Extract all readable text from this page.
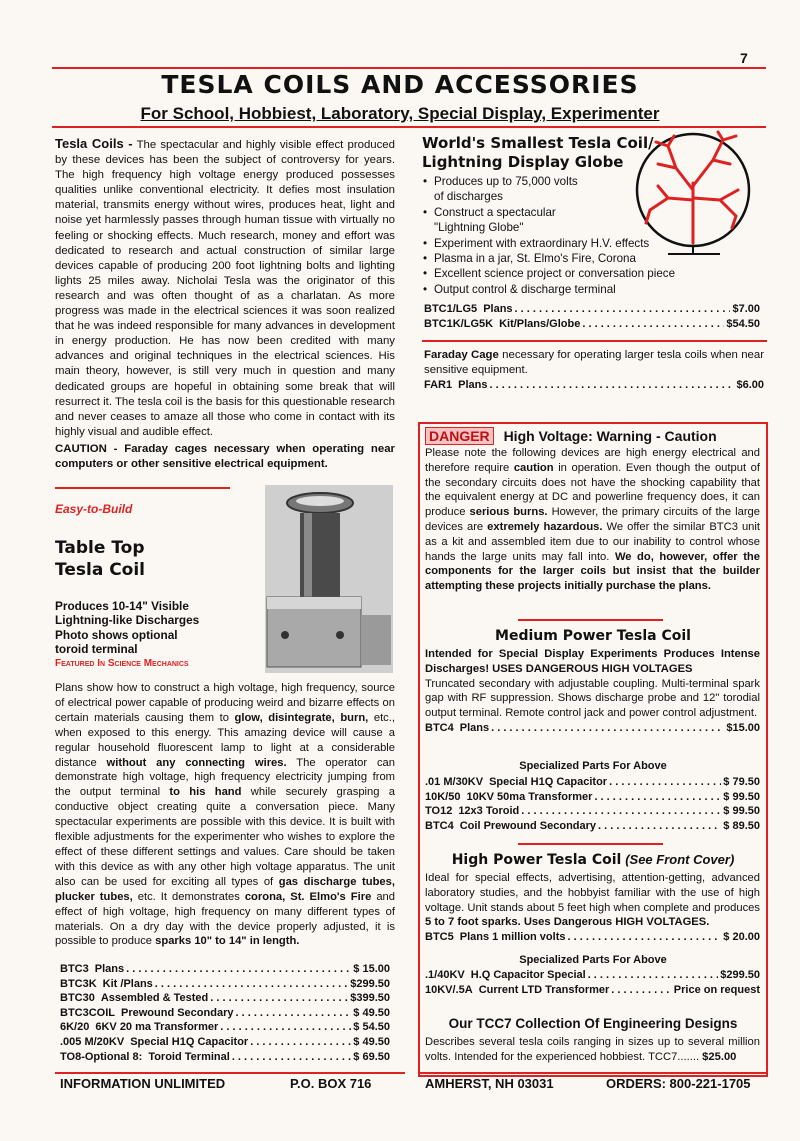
7
TESLA COILS AND ACCESSORIES
For School, Hobbiest, Laboratory, Special Display, Experimenter

Tesla Coils - The spectacular and highly visible effect produced by these devices has been the subject of controversy for years. The high frequency high voltage energy produced possesses qualities unlike conventional electricity. It defies most insulation material, transmits energy without wires, produces heat, light and noise yet harmlessly passes through human tissue with virtually no feeling or shocking effects. Much research, money and effort was dedicated to research and actual construction of similar large devices capable of producing 200 foot lightning bolts and lighting lights 25 miles away. Nicholai Tesla was the originator of this research and was often thought of as a charlatan. As more progress was made in the electrical sciences it was soon realized that he was indeed responsible for many advances in development in energy production. He has now been credited with many advances and original techniques in the electrical sciences. His main theory, however, is still very much in question and many dedicated groups are hopeful in obtaining some break that will resurrect it. The tesla coil is the basis for this questionable research and never ceases to amaze all those who come in contact with its highly visual and audible effect.

CAUTION - Faraday cages necessary when operating near computers or other sensitive electrical equipment.

Easy-to-Build
Table Top
Tesla Coil
Produces 10-14" Visible
Lightning-like Discharges
Photo shows optional
toroid terminal
Featured In Science Mechanics

Plans show how to construct a high voltage, high frequency, source of electrical power capable of producing weird and bizarre effects on certain materials causing them to glow, disintegrate, burn, etc., when exposed to this energy. This amazing device will cause a regular household fluorescent lamp to light at a considerable distance without any connecting wires. The operator can demonstrate high voltage, high frequency electricity jumping from the output terminal to his hand while securely grasping a conductive object creating quite a conversation piece. Many spectacular experiments are possible with this device. It is built with flexible adjustments for the experimenter who wishes to explore the effect of these different settings and values. Care should be taken with this device as with any other high voltage apparatus. The unit also can be used for exciting all types of gas discharge tubes, plucker tubes, etc. It demonstrates corona, St. Elmo's Fire and effect of high voltage, high frequency on many different types of materials. On a dry day with the device properly adjusted, it is possible to produce sparks 10" to 14" in length.

BTC3 Plans . . .	$ 15.00
BTC3K Kit /Plans . . .	$299.50
BTC30 Assembled & Tested . . .	$399.50
BTC3COIL Prewound Secondary . . .	$ 49.50
6K/20 6KV 20 ma Transformer . . .	$ 54.50
.005 M/20KV Special H1Q Capacitor . . .	$ 49.50
TO8-Optional 8: Toroid Terminal . . .	$ 69.50
World's Smallest Tesla Coil/
Lightning Display Globe
• Produces up to 75,000 volts
of discharges
• Construct a spectacular
"Lightning Globe"
• Experiment with extraordinary H.V. effects
• Plasma in a jar, St. Elmo's Fire, Corona
• Excellent science project or conversation piece
• Output control & discharge terminal
BTC1/LG5 Plans . . .	$7.00
BTC1K/LG5K Kit/Plans/Globe . . .	$54.50

Faraday Cage necessary for operating larger tesla coils when near sensitive equipment.

FAR1 Plans . . .	$6.00
DANGER High Voltage: Warning - Caution

Please note the following devices are high energy electrical and therefore require caution in operation. Even though the output of the secondary circuits does not have the shocking capability that the equivalent energy at DC and powerline frequency does, it can produce serious burns. However, the primary circuits of the large devices are extremely hazardous. We offer the similar BTC3 unit as a kit and assembled item due to our inability to control whose hands the large units may fall into. We do, however, offer the components for the larger coils but insist that the builder attempting these projects initially purchase the plans.

Medium Power Tesla Coil

Intended for Special Display Experiments Produces Intense Discharges! USES DANGEROUS HIGH VOLTAGES

Truncated secondary with adjustable coupling. Multi-terminal spark gap with RF suppression. Shows discharge probe and 12" torodial output terminal. Remote control jack and power control adjustment.

BTC4 Plans . . .	$15.00
Specialized Parts For Above
.01 M/30KV Special H1Q Capacitor . . .	$ 79.50
10K/50 10KV 50ma Transformer . . .	$ 99.50
TO12 12x3 Toroid . . .	$ 99.50
BTC4 Coil Prewound Secondary . . .	$ 89.50
High Power Tesla Coil (See Front Cover)

Ideal for special effects, advertising, attention-getting, advanced laboratory studies, and the hobbyist familiar with the use of high voltage. Unit stands about 5 feet high when complete and produces 5 to 7 foot sparks. Uses Dangerous HIGH VOLTAGES.

BTC5 Plans 1 million volts . . .	$ 20.00
Specialized Parts For Above
.1/40KV H.Q Capacitor Special . . .	$299.50
10KV/.5A Current LTD Transformer . . .	Price on request
Our TCC7 Collection Of Engineering Designs

Describes several tesla coils ranging in sizes up to several million volts. Intended for the experienced hobbiest. TCC7....... $25.00

INFORMATION UNLIMITED	P.O. BOX 716	AMHERST, NH 03031	ORDERS: 800-221-1705
